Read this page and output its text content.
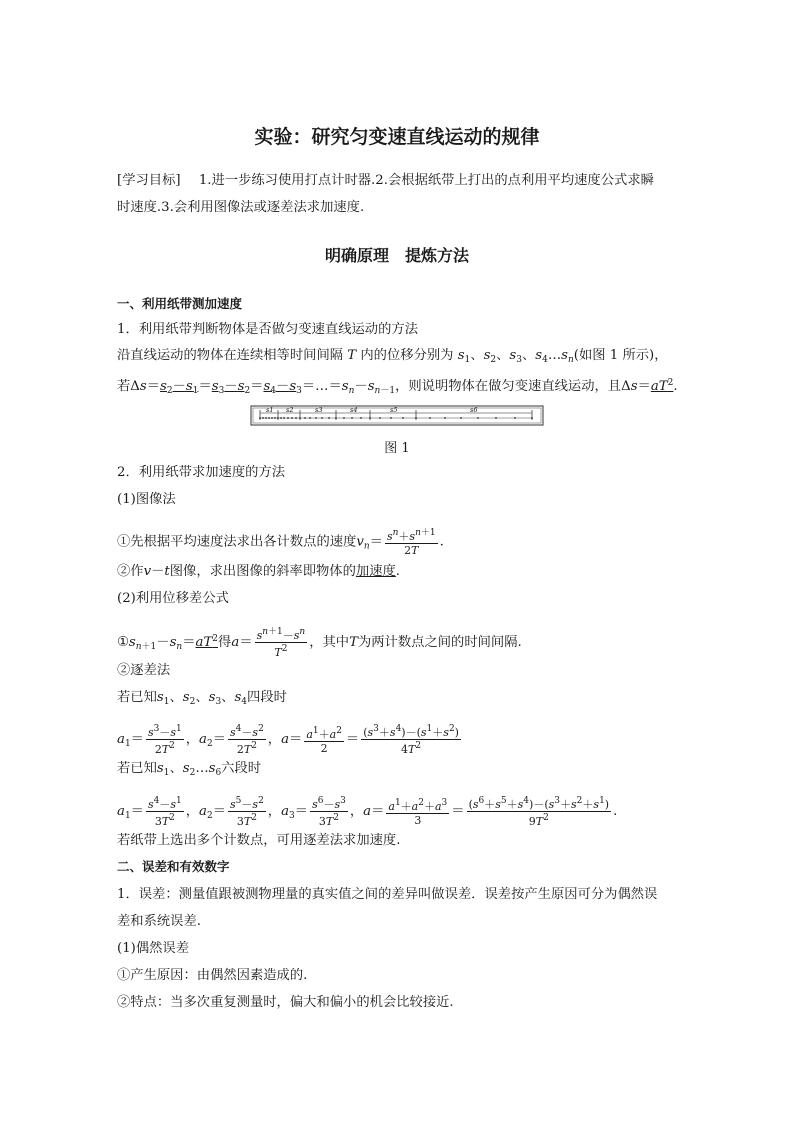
实验：研究匀变速直线运动的规律
[学习目标] 1.进一步练习使用打点计时器.2.会根据纸带上打出的点利用平均速度公式求瞬
时速度.3.会利用图像法或逐差法求加速度.
明确原理　提炼方法
一、利用纸带测加速度
1．利用纸带判断物体是否做匀变速直线运动的方法
沿直线运动的物体在连续相等时间间隔 T 内的位移分别为 $s_1$、$s_2$、$s_3$、$s_4\dots s_n$(如图 1 所示)，
若$\Delta s=s_2-s_1=s_3-s_2=s_4-s_3=\dots=s_n-s_{n-1}$，则说明物体在做匀变速直线运动，且$\Delta s=aT^2$.
s1 s2	s3	s4	s5	s6
图 1
2．利用纸带求加速度的方法
(1)图像法
①先根据平均速度法求出各计数点的速度$v_n= \frac{s^n+s^{n+1}}{2T}$ .
②作v－t图像，求出图像的斜率即物体的加速度.
(2)利用位移差公式
$①s_{n+1}-s_n=aT^2$得$a= \frac{s^{n+1}-s^n}{T^2}$ ，其中T为两计数点之间的时间间隔.
②逐差法
若已知$s_1$、$s_2$、$s_3$、$s_4$四段时
$a_1= \frac{s^3-s^1}{2T^2}$ ，$a_2= \frac{s^4-s^2}{2T^2}$ ，$a= \frac{a^1+a^2}{2} = \frac{(s^3+s^4)-(s^1+s^2)}{4T^2}$
若已知$s_1$、$s_2\dots s_6$六段时
$a_1= \frac{s^4-s^1}{3T^2}$ ，$a_2= \frac{s^5-s^2}{3T^2}$ ，$a_3= \frac{s^6-s^3}{3T^2}$ ，$a= \frac{a^1+a^2+a^3}{3} = \frac{(s^6+s^5+s^4)-(s^3+s^2+s^1)}{9T^2}$ .
若纸带上选出多个计数点，可用逐差法求加速度.
二、误差和有效数字
1．误差：测量值跟被测物理量的真实值之间的差异叫做误差．误差按产生原因可分为偶然误
差和系统误差.
(1)偶然误差
①产生原因：由偶然因素造成的.
②特点：当多次重复测量时，偏大和偏小的机会比较接近.
